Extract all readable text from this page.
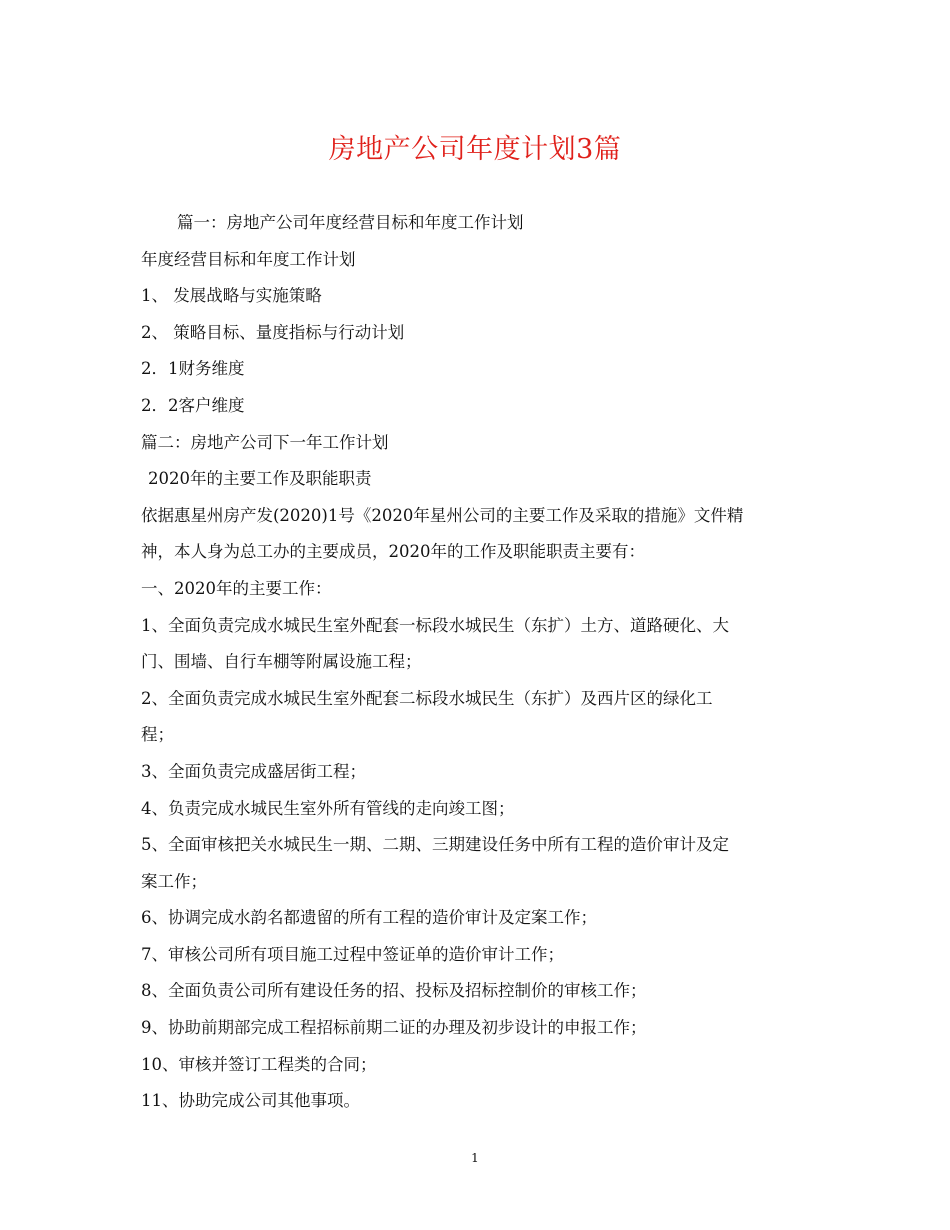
房地产公司年度计划3篇
篇一：房地产公司年度经营目标和年度工作计划
年度经营目标和年度工作计划
1、 发展战略与实施策略
2、 策略目标、量度指标与行动计划
2．1财务维度
2．2客户维度
篇二：房地产公司下一年工作计划
2020年的主要工作及职能职责
依据惠星州房产发(2020)1号《2020年星州公司的主要工作及采取的措施》文件精
神，本人身为总工办的主要成员，2020年的工作及职能职责主要有：
一、2020年的主要工作：
1、全面负责完成水城民生室外配套一标段水城民生（东扩）土方、道路硬化、大
门、围墙、自行车棚等附属设施工程；
2、全面负责完成水城民生室外配套二标段水城民生（东扩）及西片区的绿化工
程；
3、全面负责完成盛居街工程；
4、负责完成水城民生室外所有管线的走向竣工图；
5、全面审核把关水城民生一期、二期、三期建设任务中所有工程的造价审计及定
案工作；
6、协调完成水韵名都遗留的所有工程的造价审计及定案工作；
7、审核公司所有项目施工过程中签证单的造价审计工作；
8、全面负责公司所有建设任务的招、投标及招标控制价的审核工作；
9、协助前期部完成工程招标前期二证的办理及初步设计的申报工作；
10、审核并签订工程类的合同；
11、协助完成公司其他事项。
1
